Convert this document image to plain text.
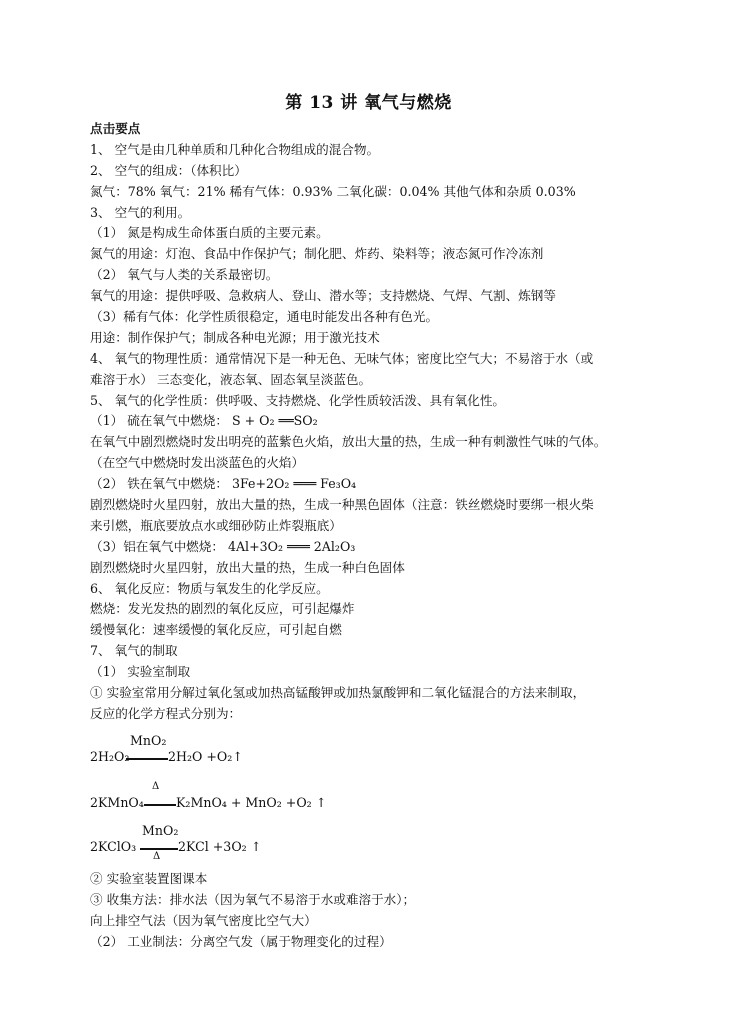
第 13 讲 氧气与燃烧
点击要点
1、 空气是由几种单质和几种化合物组成的混合物。
2、 空气的组成：（体积比）
氮气：78% 氧气：21% 稀有气体：0.93% 二氧化碳：0.04% 其他气体和杂质 0.03%
3、 空气的利用。
（1） 氮是构成生命体蛋白质的主要元素。
氮气的用途：灯泡、食品中作保护气；制化肥、炸药、染料等；液态氮可作冷冻剂
（2） 氧气与人类的关系最密切。
氧气的用途：提供呼吸、急救病人、登山、潜水等；支持燃烧、气焊、气割、炼钢等
（3）稀有气体：化学性质很稳定，通电时能发出各种有色光。
用途：制作保护气；制成各种电光源；用于激光技术
4、 氧气的物理性质：通常情况下是一种无色、无味气体；密度比空气大；不易溶于水（或
难溶于水） 三态变化，液态氧、固态氧呈淡蓝色。
5、 氧气的化学性质：供呼吸、支持燃烧、化学性质较活泼、具有氧化性。
（1） 硫在氧气中燃烧： S + O₂ ══SO₂
在氧气中剧烈燃烧时发出明亮的蓝紫色火焰，放出大量的热，生成一种有刺激性气味的气体。
（在空气中燃烧时发出淡蓝色的火焰）
（2） 铁在氧气中燃烧： 3Fe+2O₂ ═══ Fe₃O₄
剧烈燃烧时火星四射，放出大量的热，生成一种黑色固体（注意：铁丝燃烧时要绑一根火柴
来引燃，瓶底要放点水或细砂防止炸裂瓶底）
（3）铝在氧气中燃烧： 4Al+3O₂ ═══ 2Al₂O₃
剧烈燃烧时火星四射，放出大量的热，生成一种白色固体
6、 氧化反应：物质与氧发生的化学反应。
燃烧：发光发热的剧烈的氧化反应，可引起爆炸
缓慢氧化：速率缓慢的氧化反应，可引起自燃
7、 氧气的制取
（1） 实验室制取
① 实验室常用分解过氧化氢或加热高锰酸钾或加热氯酸钾和二氧化锰混合的方法来制取，
反应的化学方程式分别为：
2H₂O₂
MnO₂
2H₂O +O₂↑
2KMnO₄
Δ
K₂MnO₄ + MnO₂ +O₂ ↑
2KClO₃
MnO₂
Δ
2KCl +3O₂ ↑
② 实验室装置图课本
③ 收集方法：排水法（因为氧气不易溶于水或难溶于水）；
向上排空气法（因为氧气密度比空气大）
（2） 工业制法：分离空气发（属于物理变化的过程）
